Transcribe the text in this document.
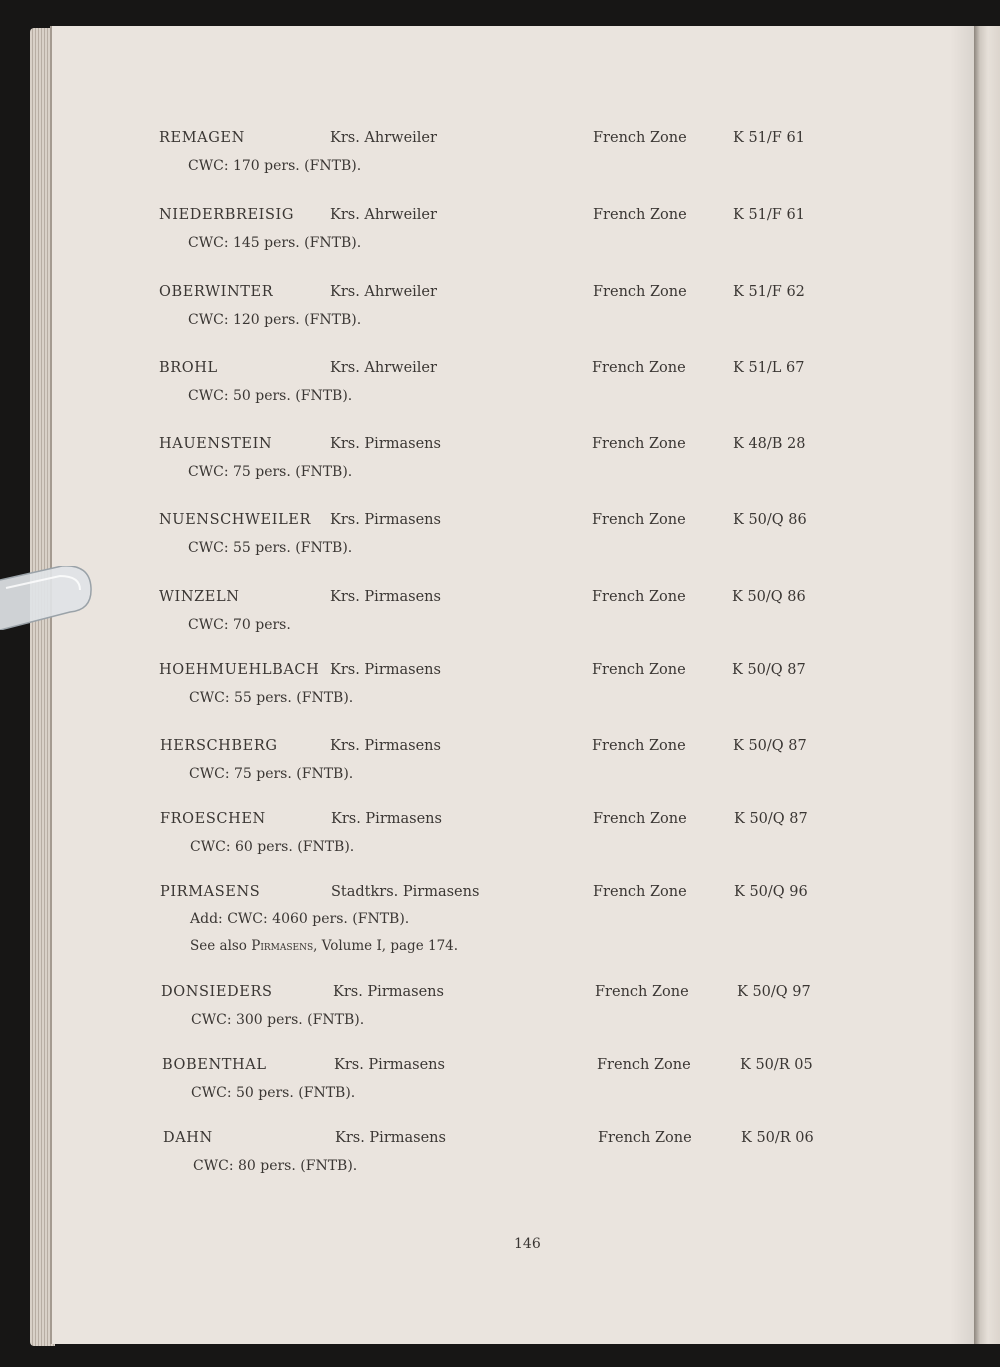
REMAGEN	Krs. Ahrweiler	French Zone	K 51/F 61
CWC: 170 pers. (FNTB).
NIEDERBREISIG Krs. Ahrweiler	French Zone	K 51/F 61
CWC: 145 pers. (FNTB).
OBERWINTER	Krs. Ahrweiler	French Zone	K 51/F 62
CWC: 120 pers. (FNTB).
BROHL	Krs. Ahrweiler	French Zone	K 51/L 67
CWC: 50 pers. (FNTB).
HAUENSTEIN	Krs. Pirmasens	French Zone	K 48/B 28
CWC: 75 pers. (FNTB).
NUENSCHWEILER Krs. Pirmasens	French Zone	K 50/Q 86
CWC: 55 pers. (FNTB).
WINZELN	Krs. Pirmasens	French Zone	K 50/Q 86
CWC: 70 pers.
HOEHMUEHLBACH Krs. Pirmasens	French Zone	K 50/Q 87
CWC: 55 pers. (FNTB).
HERSCHBERG	Krs. Pirmasens	French Zone	K 50/Q 87
CWC: 75 pers. (FNTB).
FROESCHEN	Krs. Pirmasens	French Zone	K 50/Q 87
CWC: 60 pers. (FNTB).
PIRMASENS	Stadtkrs. Pirmasens	French Zone	K 50/Q 96
Add: CWC: 4060 pers. (FNTB).
See also Pirmasens, Volume I, page 174.
DONSIEDERS	Krs. Pirmasens	French Zone	K 50/Q 97
CWC: 300 pers. (FNTB).
BOBENTHAL	Krs. Pirmasens	French Zone	K 50/R 05
CWC: 50 pers. (FNTB).
DAHN	Krs. Pirmasens	French Zone	K 50/R 06
CWC: 80 pers. (FNTB).
146
